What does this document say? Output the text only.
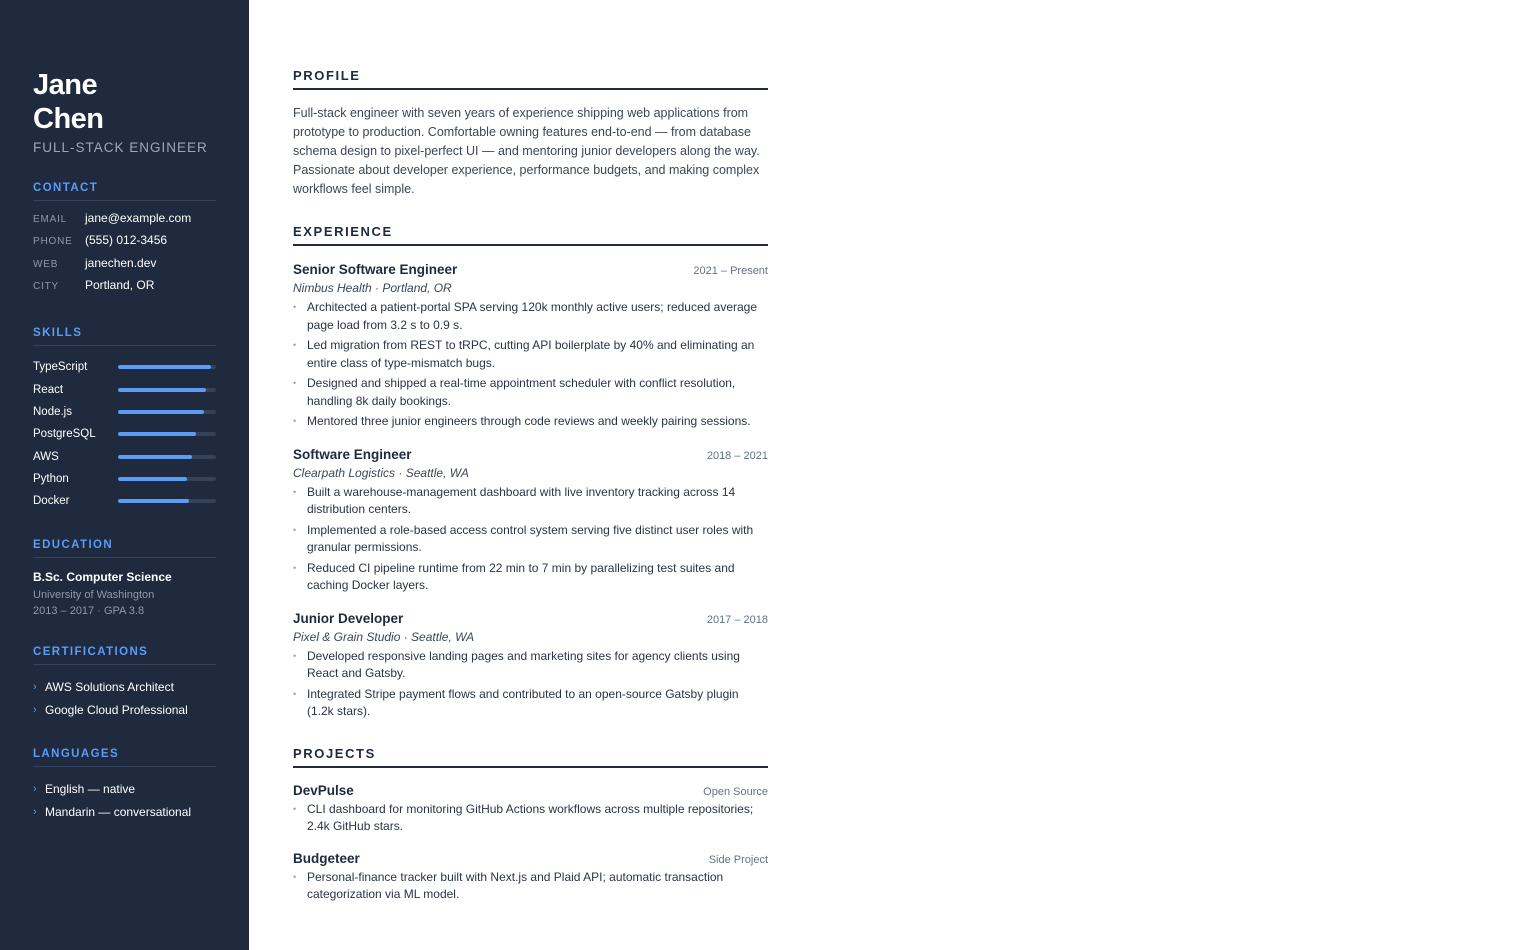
Jane
Chen
FULL-STACK ENGINEER
CONTACT
EMAIL	jane@example.com
PHONE	(555) 012-3456
WEB	janechen.dev
CITY	Portland, OR
SKILLS
TypeScript
React
Node.js
PostgreSQL
AWS
Python
Docker
EDUCATION
B.Sc. Computer Science
University of Washington
2013 – 2017 · GPA 3.8
CERTIFICATIONS
› AWS Solutions Architect
› Google Cloud Professional
LANGUAGES
› English — native
› Mandarin — conversational
PROFILE
Full-stack engineer with seven years of experience shipping web applications from prototype to production. Comfortable owning features end-to-end — from database schema design to pixel-perfect UI — and mentoring junior developers along the way. Passionate about developer experience, performance budgets, and making complex workflows feel simple.
EXPERIENCE
Senior Software Engineer	2021 – Present
Nimbus Health · Portland, OR
• Architected a patient-portal SPA serving 120k monthly active users; reduced average page load from 3.2 s to 0.9 s.
• Led migration from REST to tRPC, cutting API boilerplate by 40% and eliminating an entire class of type-mismatch bugs.
• Designed and shipped a real-time appointment scheduler with conflict resolution, handling 8k daily bookings.
• Mentored three junior engineers through code reviews and weekly pairing sessions.
Software Engineer	2018 – 2021
Clearpath Logistics · Seattle, WA
• Built a warehouse-management dashboard with live inventory tracking across 14 distribution centers.
• Implemented a role-based access control system serving five distinct user roles with granular permissions.
• Reduced CI pipeline runtime from 22 min to 7 min by parallelizing test suites and caching Docker layers.
Junior Developer	2017 – 2018
Pixel & Grain Studio · Seattle, WA
• Developed responsive landing pages and marketing sites for agency clients using React and Gatsby.
• Integrated Stripe payment flows and contributed to an open-source Gatsby plugin (1.2k stars).
PROJECTS
DevPulse	Open Source
• CLI dashboard for monitoring GitHub Actions workflows across multiple repositories; 2.4k GitHub stars.
Budgeteer	Side Project
• Personal-finance tracker built with Next.js and Plaid API; automatic transaction categorization via ML model.
